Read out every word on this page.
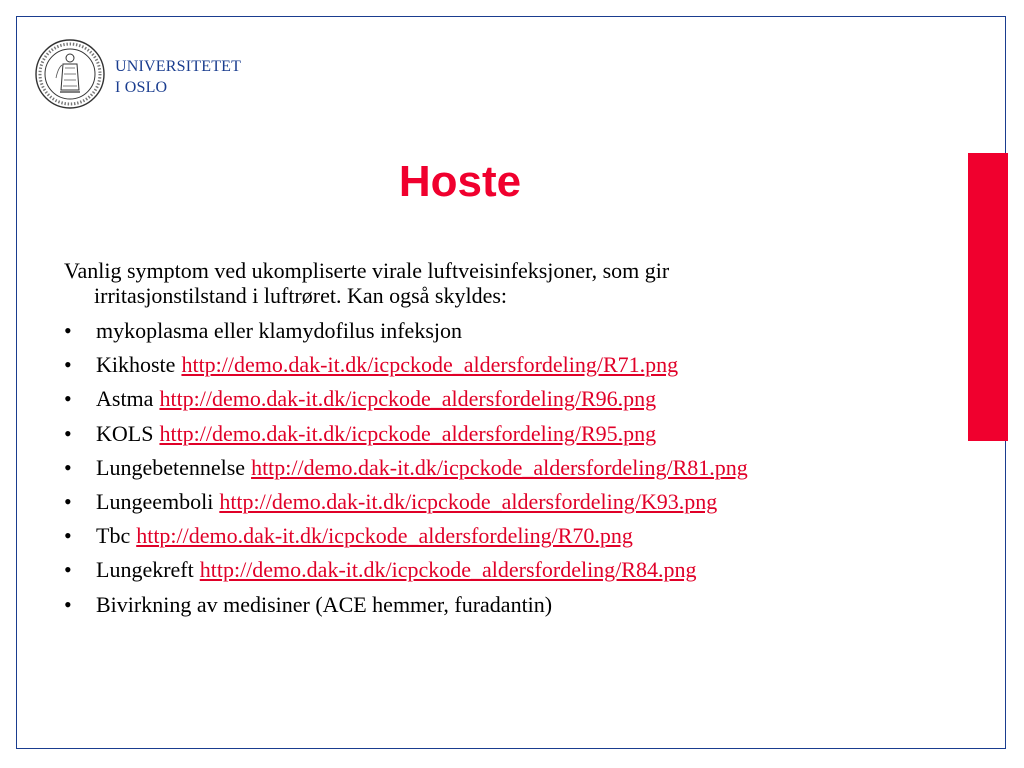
UNIVERSITETET
I OSLO
Hoste
Vanlig symptom ved ukompliserte virale luftveisinfeksjoner, som gir
irritasjonstilstand i luftrøret. Kan også skyldes:
•	mykoplasma eller klamydofilus infeksjon
•	Kikhoste http://demo.dak-it.dk/icpckode_aldersfordeling/R71.png
•	Astma http://demo.dak-it.dk/icpckode_aldersfordeling/R96.png
•	KOLS http://demo.dak-it.dk/icpckode_aldersfordeling/R95.png
•	Lungebetennelse http://demo.dak-it.dk/icpckode_aldersfordeling/R81.png
•	Lungeemboli http://demo.dak-it.dk/icpckode_aldersfordeling/K93.png
•	Tbc http://demo.dak-it.dk/icpckode_aldersfordeling/R70.png
•	Lungekreft http://demo.dak-it.dk/icpckode_aldersfordeling/R84.png
•	Bivirkning av medisiner (ACE hemmer, furadantin)
